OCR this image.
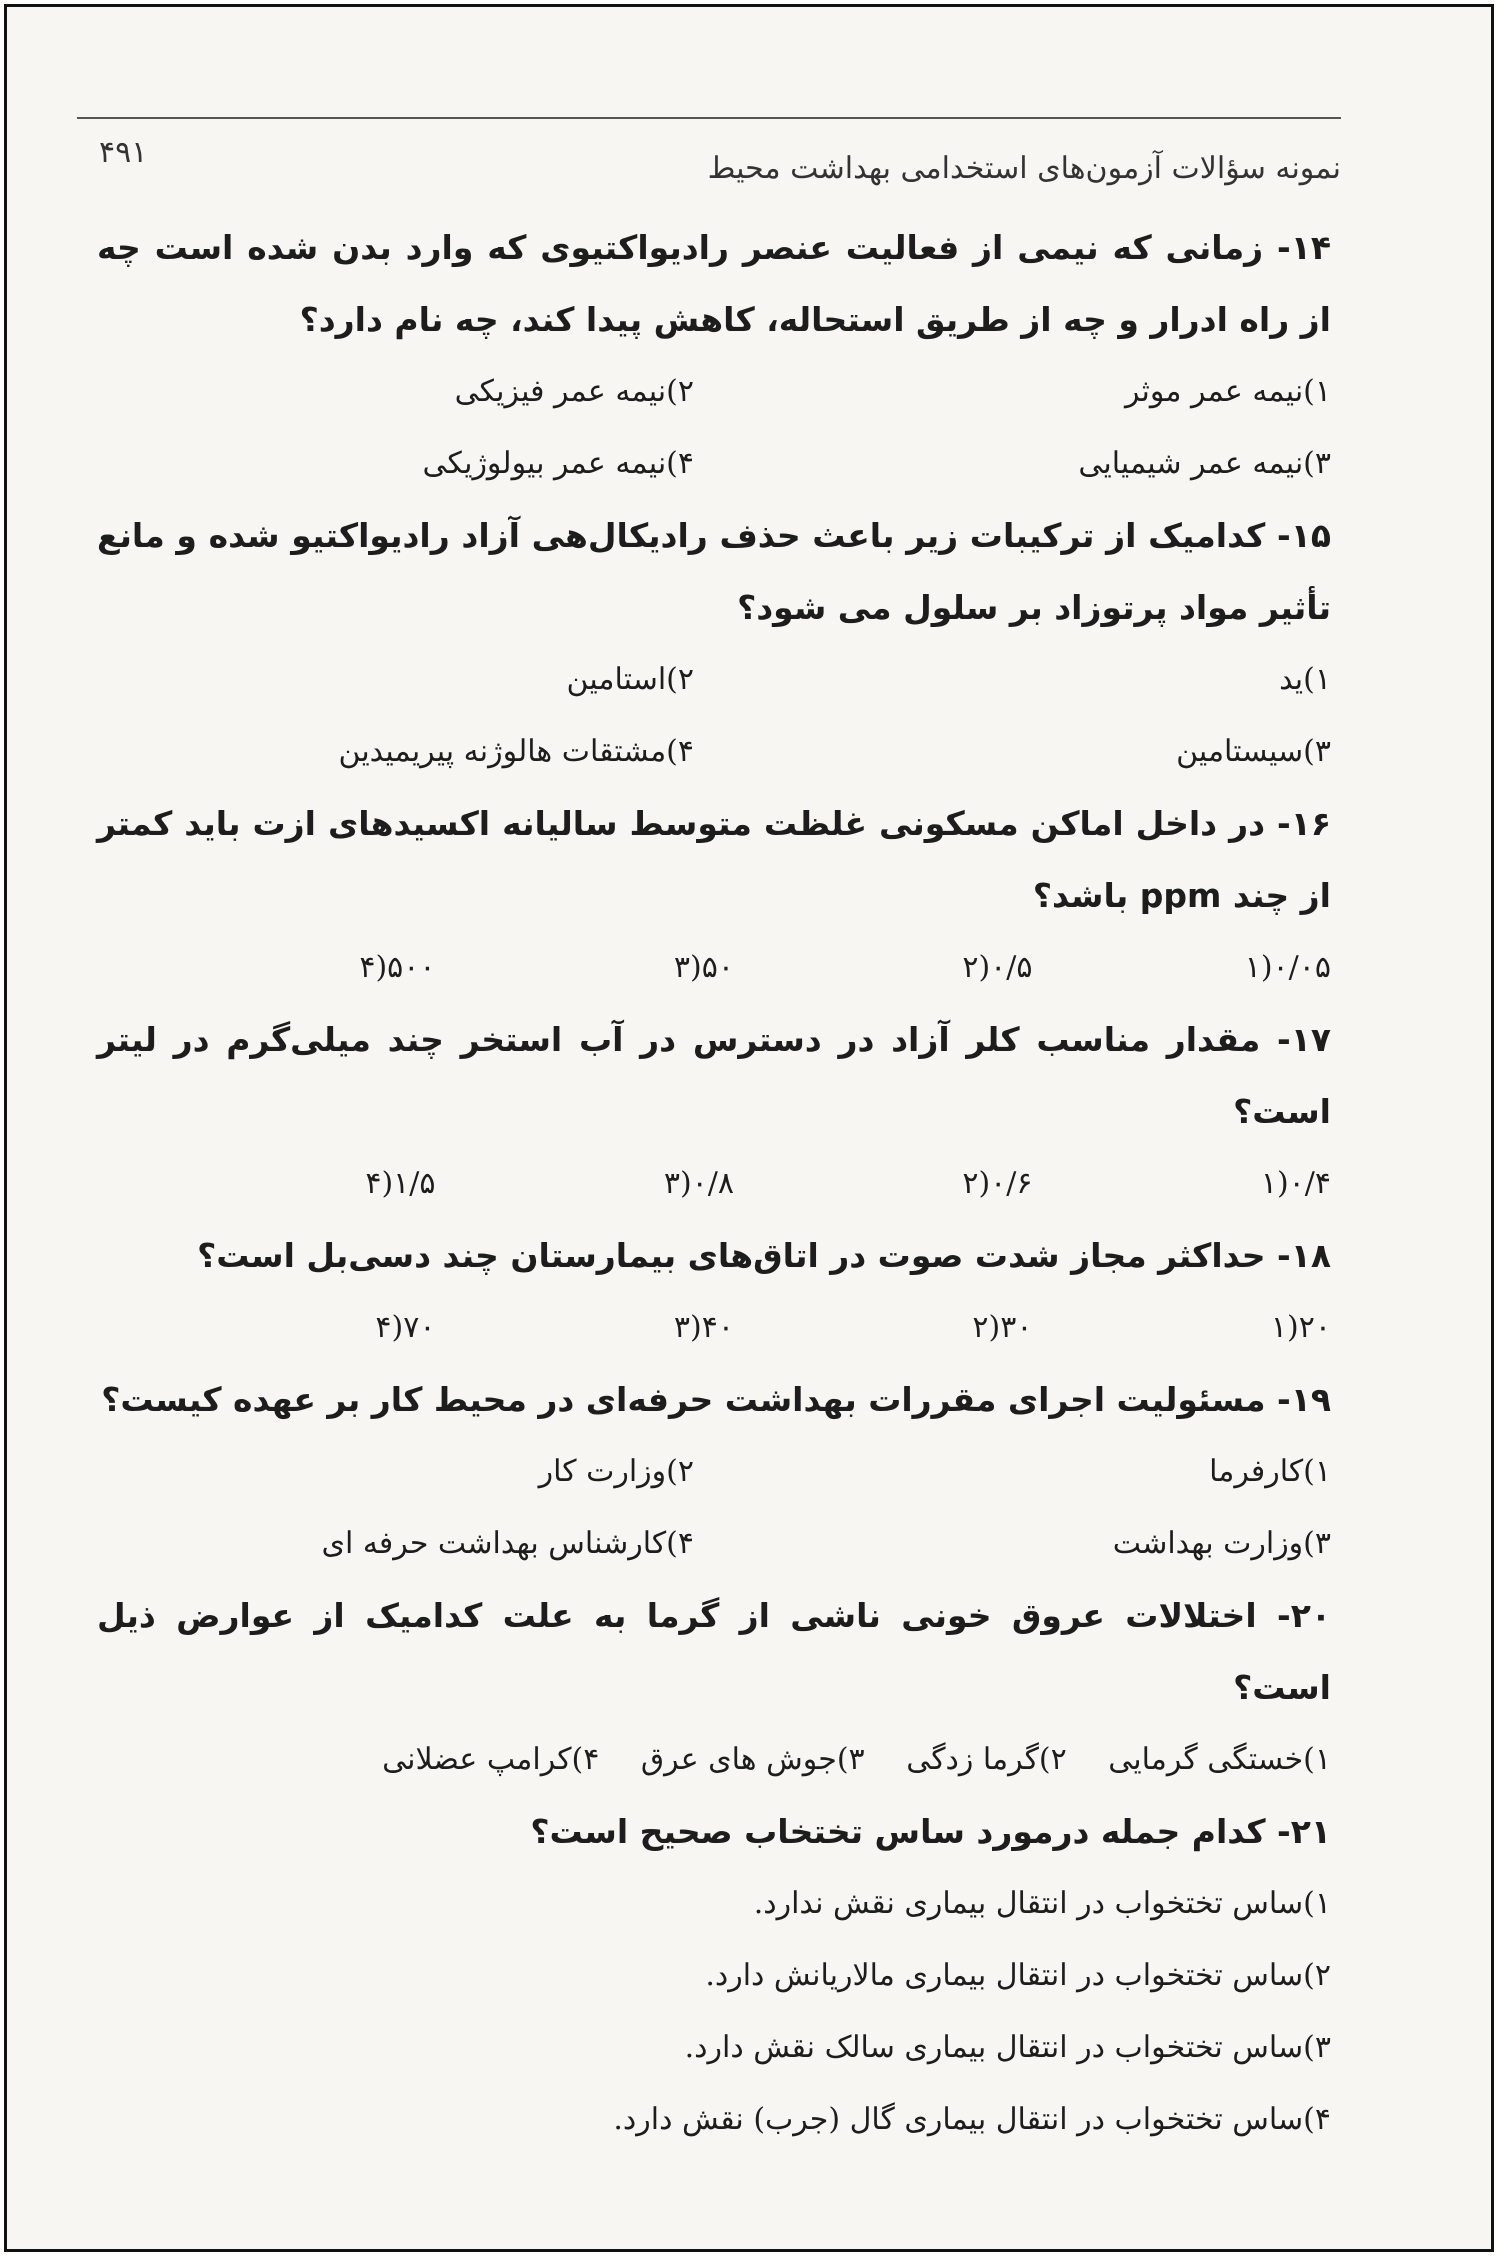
نمونه سؤالات آزمون‌های استخدامی بهداشت محیط
۴۹۱

۱۴- زمانی که نیمی از فعالیت عنصر رادیواکتیوی که وارد بدن شده است چه از راه ادرار و چه از طریق استحاله، کاهش پیدا کند، چه نام دارد؟

۱)نیمه عمر موثر
۲)نیمه عمر فیزیکی
۳)نیمه عمر شیمیایی
۴)نیمه عمر بیولوژیکی

۱۵- کدامیک از ترکیبات زیر باعث حذف رادیکال‌هی آزاد رادیواکتیو شده و مانع تأثیر مواد پرتوزاد بر سلول می شود؟

۱)ید
۲)استامین
۳)سیستامین
۴)مشتقات هالوژنه پیریمیدین

۱۶- در داخل اماکن مسکونی غلظت متوسط سالیانه اکسیدهای ازت باید کمتر از چند ppm باشد؟

۰/۰۵(۱
۰/۵(۲
۵۰(۳
۵۰۰(۴

۱۷- مقدار مناسب کلر آزاد در دسترس در آب استخر چند میلی‌گرم در لیتر است؟

۰/۴(۱
۰/۶(۲
۰/۸(۳
۱/۵(۴

۱۸- حداکثر مجاز شدت صوت در اتاق‌های بیمارستان چند دسی‌بل است؟

۲۰(۱
۳۰(۲
۴۰(۳
۷۰(۴

۱۹- مسئولیت اجرای مقررات بهداشت حرفه‌ای در محیط کار بر عهده کیست؟

۱)کارفرما
۲)وزارت کار
۳)وزارت بهداشت
۴)کارشناس بهداشت حرفه ای

۲۰- اختلالات عروق خونی ناشی از گرما به علت کدامیک از عوارض ذیل است؟

۱)خستگی گرمایی ۲)گرما زدگی ۳)جوش های عرق ۴)کرامپ عضلانی

۲۱- کدام جمله درمورد ساس تختخاب صحیح است؟

۱)ساس تختخواب در انتقال بیماری نقش ندارد.
۲)ساس تختخواب در انتقال بیماری مالاریانش دارد.
۳)ساس تختخواب در انتقال بیماری سالک نقش دارد.
۴)ساس تختخواب در انتقال بیماری گال (جرب) نقش دارد.
